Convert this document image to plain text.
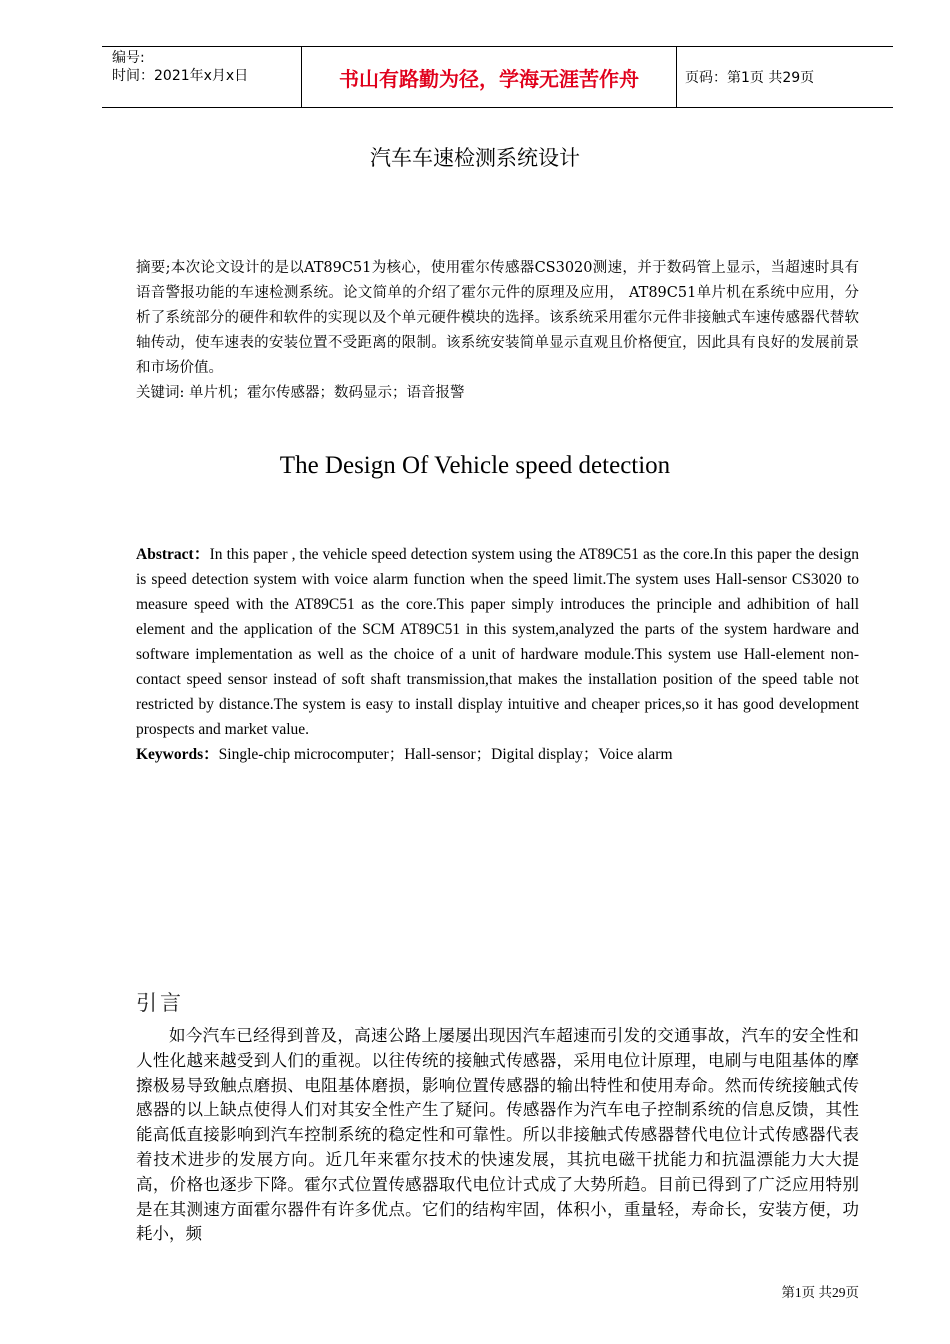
编号:
时间：2021年x月x日	书山有路勤为径，学海无涯苦作舟	页码：第1页 共29页
汽车车速检测系统设计
摘要;本次论文设计的是以AT89C51为核心，使用霍尔传感器CS3020测速，并于数码管上显示，当超速时具有语音警报功能的车速检测系统。论文简单的介绍了霍尔元件的原理及应用， AT89C51单片机在系统中应用，分析了系统部分的硬件和软件的实现以及个单元硬件模块的选择。该系统采用霍尔元件非接触式车速传感器代替软轴传动，使车速表的安装位置不受距离的限制。该系统安装简单显示直观且价格便宜，因此具有良好的发展前景和市场价值。
关键词: 单片机；霍尔传感器；数码显示；语音报警
The Design Of Vehicle speed detection
Abstract：In this paper , the vehicle speed detection system using the AT89C51 as the core.In this paper the design is speed detection system with voice alarm function when the speed limit.The system uses Hall-sensor CS3020 to measure speed with the AT89C51 as the core.This paper simply introduces the principle and adhibition of hall element and the application of the SCM AT89C51 in this system,analyzed the parts of the system hardware and software implementation as well as the choice of a unit of hardware module.This system use Hall-element non-contact speed sensor instead of soft shaft transmission,that makes the installation position of the speed table not restricted by distance.The system is easy to install display intuitive and cheaper prices,so it has good development prospects and market value.
Keywords：Single-chip microcomputer；Hall-sensor；Digital display；Voice alarm
引言
如今汽车已经得到普及，高速公路上屡屡出现因汽车超速而引发的交通事故，汽车的安全性和人性化越来越受到人们的重视。以往传统的接触式传感器，采用电位计原理，电刷与电阻基体的摩擦极易导致触点磨损、电阻基体磨损，影响位置传感器的输出特性和使用寿命。然而传统接触式传感器的以上缺点使得人们对其安全性产生了疑问。传感器作为汽车电子控制系统的信息反馈，其性能高低直接影响到汽车控制系统的稳定性和可靠性。所以非接触式传感器替代电位计式传感器代表着技术进步的发展方向。近几年来霍尔技术的快速发展，其抗电磁干扰能力和抗温漂能力大大提高，价格也逐步下降。霍尔式位置传感器取代电位计式成了大势所趋。目前已得到了广泛应用特别是在其测速方面霍尔器件有许多优点。它们的结构牢固，体积小，重量轻，寿命长，安装方便，功耗小，频
第1页 共29页
